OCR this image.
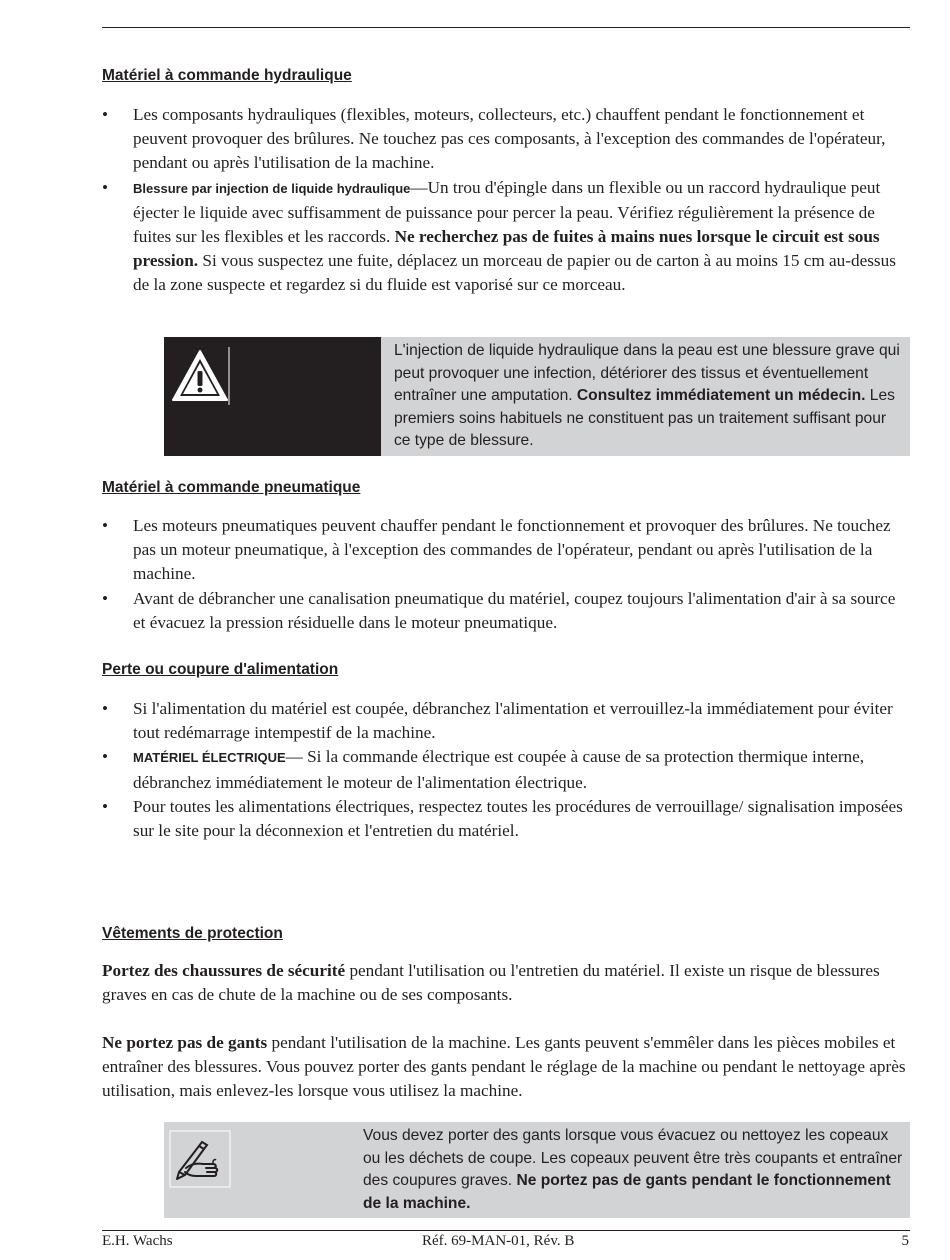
Matériel à commande hydraulique
• Les composants hydrauliques (flexibles, moteurs, collecteurs, etc.) chauffent pendant le fonctionnement et peuvent provoquer des brûlures. Ne touchez pas ces composants, à l'exception des commandes de l'opérateur, pendant ou après l'utilisation de la machine.
• Blessure par injection de liquide hydraulique—Un trou d'épingle dans un flexible ou un raccord hydraulique peut éjecter le liquide avec suffisamment de puissance pour percer la peau. Vérifiez régulièrement la présence de fuites sur les flexibles et les raccords. Ne recherchez pas de fuites à mains nues lorsque le circuit est sous pression. Si vous suspectez une fuite, déplacez un morceau de papier ou de carton à au moins 15 cm au-dessus de la zone suspecte et regardez si du fluide est vaporisé sur ce morceau.
L'injection de liquide hydraulique dans la peau est une blessure grave qui peut provoquer une infection, détériorer des tissus et éventuellement entraîner une amputation. Consultez immédiatement un médecin. Les premiers soins habituels ne constituent pas un traitement suffisant pour ce type de blessure.
Matériel à commande pneumatique
• Les moteurs pneumatiques peuvent chauffer pendant le fonctionnement et provoquer des brûlures. Ne touchez pas un moteur pneumatique, à l'exception des commandes de l'opérateur, pendant ou après l'utilisation de la machine.
• Avant de débrancher une canalisation pneumatique du matériel, coupez toujours l'alimentation d'air à sa source et évacuez la pression résiduelle dans le moteur pneumatique.
Perte ou coupure d'alimentation
• Si l'alimentation du matériel est coupée, débranchez l'alimentation et verrouillez-la immédiatement pour éviter tout redémarrage intempestif de la machine.
• MATÉRIEL ÉLECTRIQUE— Si la commande électrique est coupée à cause de sa protection thermique interne, débranchez immédiatement le moteur de l'alimentation électrique.
• Pour toutes les alimentations électriques, respectez toutes les procédures de verrouillage/ signalisation imposées sur le site pour la déconnexion et l'entretien du matériel.
Vêtements de protection

Portez des chaussures de sécurité pendant l'utilisation ou l'entretien du matériel. Il existe un risque de blessures graves en cas de chute de la machine ou de ses composants.

Ne portez pas de gants pendant l'utilisation de la machine. Les gants peuvent s'emmêler dans les pièces mobiles et entraîner des blessures. Vous pouvez porter des gants pendant le réglage de la machine ou pendant le nettoyage après utilisation, mais enlevez-les lorsque vous utilisez la machine.

Vous devez porter des gants lorsque vous évacuez ou nettoyez les copeaux ou les déchets de coupe. Les copeaux peuvent être très coupants et entraîner des coupures graves. Ne portez pas de gants pendant le fonctionnement de la machine.
E.H. Wachs	Réf. 69-MAN-01, Rév. B	5
